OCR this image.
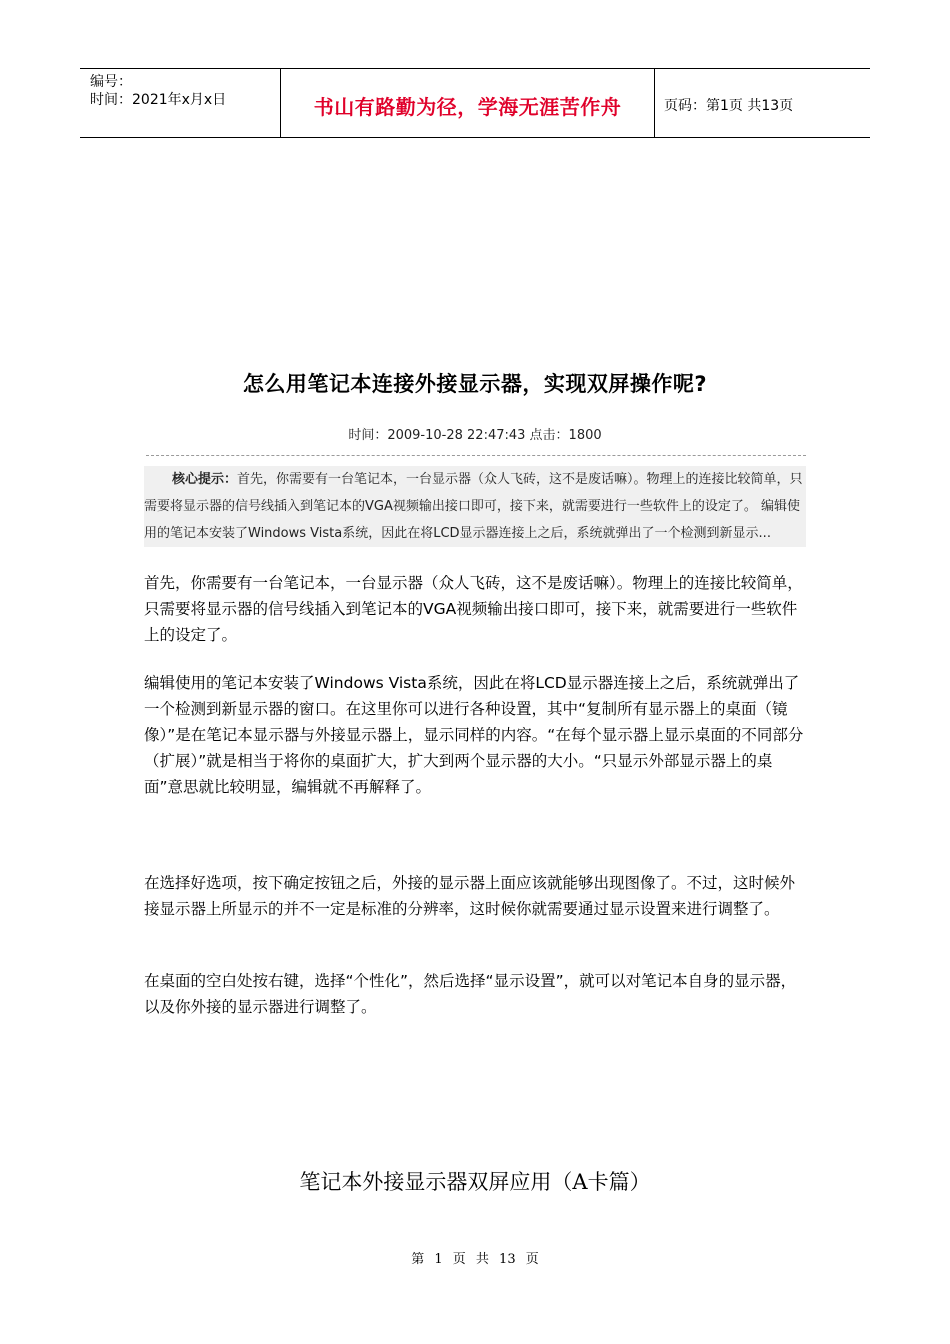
编号：
时间：2021年x月x日	书山有路勤为径，学海无涯苦作舟	页码：第1页 共13页
怎么用笔记本连接外接显示器，实现双屏操作呢?
时间：2009-10-28 22:47:43 点击：1800
核心提示：首先，你需要有一台笔记本，一台显示器（众人飞砖，这不是废话嘛）。物理上的连接比较简单，只需要将显示器的信号线插入到笔记本的VGA视频输出接口即可，接下来，就需要进行一些软件上的设定了。 编辑使用的笔记本安装了Windows Vista系统，因此在将LCD显示器连接上之后，系统就弹出了一个检测到新显示...
首先，你需要有一台笔记本，一台显示器（众人飞砖，这不是废话嘛）。物理上的连接比较简单，只需要将显示器的信号线插入到笔记本的VGA视频输出接口即可，接下来，就需要进行一些软件上的设定了。
编辑使用的笔记本安装了Windows Vista系统，因此在将LCD显示器连接上之后，系统就弹出了一个检测到新显示器的窗口。在这里你可以进行各种设置，其中“复制所有显示器上的桌面（镜像）”是在笔记本显示器与外接显示器上，显示同样的内容。“在每个显示器上显示桌面的不同部分（扩展）”就是相当于将你的桌面扩大，扩大到两个显示器的大小。“只显示外部显示器上的桌面”意思就比较明显，编辑就不再解释了。
在选择好选项，按下确定按钮之后，外接的显示器上面应该就能够出现图像了。不过，这时候外接显示器上所显示的并不一定是标准的分辨率，这时候你就需要通过显示设置来进行调整了。
在桌面的空白处按右键，选择“个性化”，然后选择“显示设置”，就可以对笔记本自身的显示器，以及你外接的显示器进行调整了。
笔记本外接显示器双屏应用（A卡篇）
第 1 页 共 13 页
